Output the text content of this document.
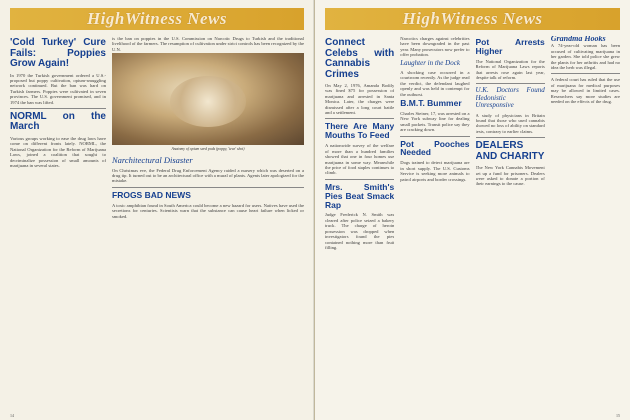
HighWitness News
'Cold Turkey' Cure Fails: Poppies Grow Again!

In 1970 the Turkish government ordered a U.S.-proposed but poppy cultivation, opium-smuggling network continued. But the ban was hard on Turkish farmers. Poppies were cultivated in seven provinces. The U.S. government promised, and in 1974 the ban was lifted.

NORML on the March

Various groups working to ease the drug laws have come on different fronts lately. NORML, the National Organization for the Reform of Marijuana Laws, joined a coalition that sought to decriminalize possession of small amounts of marijuana in several states.

is the ban on poppies in the U.S. Commission on Narcotic Drugs to Turkish and the traditional livelihood of the farmers. The resumption of cultivation under strict controls has been recognized by the U.N.

Anatomy of opium seed pods (poppy, 'tear' shot)
Narchitectural Disaster

On Christmas eve, the Federal Drug Enforcement Agency raided a nursery which was deserted on a drug tip. It turned out to be an architectural office with a mural of plants. Agents later apologized for the mistake.

FROGS BAD NEWS

A toxic amphibian found in South America could become a new hazard for users. Natives have used the secretions for centuries. Scientists warn that the substance can cause heart failure when licked or smoked.

14
HighWitness News
Connect Celebs with Cannabis Crimes

On May 2, 1976, Amanda Bodily was fined $75 for possession of marijuana and arrested in Santa Monica. Later, the charges were dismissed after a long court battle and a settlement.

There Are Many Mouths To Feed

A nationwide survey of the welfare of more than a hundred families showed that one in four homes use marijuana in some way. Meanwhile the price of food staples continues to climb.

Mrs. Smith's Pies Beat Smack Rap

Judge Frederick N. Smith was cleared after police seized a bakery truck. The charge of heroin possession was dropped when investigators found the pies contained nothing more than fruit filling.

Narcotics charges against celebrities have been downgraded in the past year. Many prosecutors now prefer to offer probation.

Laughter in the Dock

A shocking case occurred in a courtroom recently. As the judge read the verdict, the defendant laughed openly and was held in contempt for the outburst.

B.M.T. Bummer

Charles Steiner, 17, was arrested on a New York subway line for dealing small packets. Transit police say they are cracking down.

Pot Pooches Needed

Dogs trained to detect marijuana are in short supply. The U.S. Customs Service is seeking more animals to patrol airports and border crossings.

Pot Arrests Higher

The National Organization for the Reform of Marijuana Laws reports that arrests rose again last year, despite talk of reform.

U.K. Doctors Found Hedonistic Unresponsive

A study of physicians in Britain found that those who used cannabis showed no loss of ability on standard tests, contrary to earlier claims.

DEALERS AND CHARITY

The New York Cannabis Movement set up a fund for prisoners. Dealers were asked to donate a portion of their earnings to the cause.

Grandma Hooks

A 74-year-old woman has been accused of cultivating marijuana in her garden. She told police she grew the plants for her arthritis and had no idea the herb was illegal.

A federal court has ruled that the use of marijuana for medical purposes may be allowed in limited cases. Researchers say more studies are needed on the effects of the drug.

15
